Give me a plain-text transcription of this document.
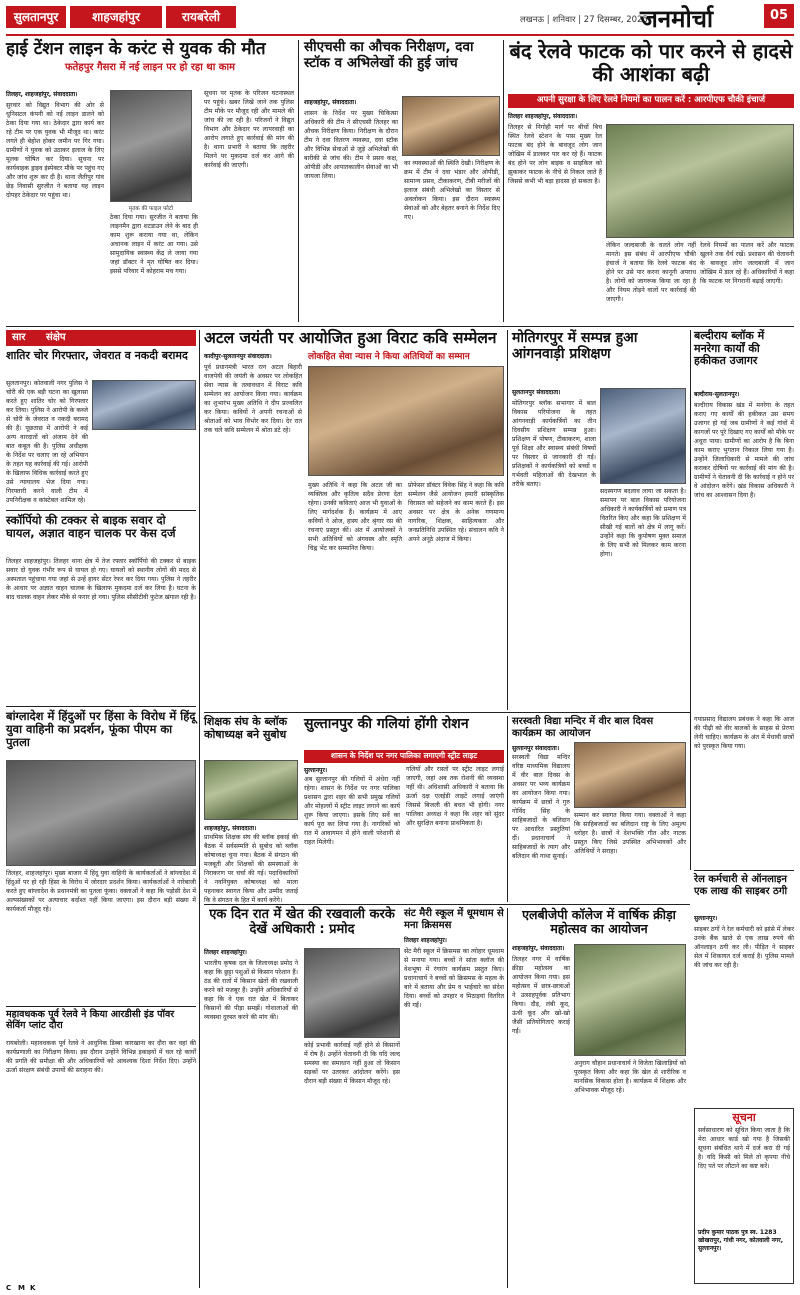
सुलतानपुर	शाहजहांपुर	रायबरेली	लखनऊ | शनिवार | 27 दिसम्बर, 2025
जनमोर्चा	05
हाई टेंशन लाइन के करंट से युवक की मौत
फतेहपुर गैसरा में नई लाइन पर हो रहा था काम
तिलहर, शाहजहांपुर, संवाददाता।
सुरवार को विद्युत विभाग की ओर से धुनिसटल कंपनी को नई लाइन डालने को ठेका दिया गया था। ठेकेदार द्वारा कार्य कर रहे टीम पर एक युवक भी मौजूद था। करंट लगते ही बेहोश होकर जमीन पर गिर गया। ग्रामीणों ने युवक को उठाकर इलाज के लिए मूलक घोषित कर दिया। सूचना पर कार्यवाहक ड्राइव इंस्पेक्टर मौके पर पहुंच गए और जांच शुरू कर दी है। थाना जैतीपुर गांव छेड़ निवासी सुरजीत ने बताया यह लाइन दोपहर ठेकेदार पर पहुंचा था।
मृतक की फाइल फोटो
ठेका दिया गया। सुरजीत ने बताया कि लाइनमैन द्वारा शटडाउन लेने के बाद ही काम शुरू कराया गया था, लेकिन अचानक लाइन में करंट आ गया। उसे सामुदायिक स्वास्थ्य केंद्र ले जाया गया जहां डॉक्टर ने मृत घोषित कर दिया। इससे परिवार में कोहराम मच गया।
सूचना पर मृतक के परिजन घटनास्थल पर पहुंचे। खबर लिखे जाने तक पुलिस टीम मौके पर मौजूद रही और मामले की जांच की जा रही है। परिजनों ने विद्युत विभाग और ठेकेदार पर लापरवाही का आरोप लगाते हुए कार्रवाई की मांग की है। थाना प्रभारी ने बताया कि तहरीर मिलने पर मुकदमा दर्ज कर आगे की कार्रवाई की जाएगी।
सीएचसी का औचक निरीक्षण, दवा स्टॉक व अभिलेखों की हुई जांच
शाहजहांपुर, संवाददाता।
शासन के निर्देश पर मुख्य चिकित्सा अधिकारी की टीम ने सीएचसी तिलहर का औचक निरीक्षण किया। निरीक्षण के दौरान टीम ने दवा वितरण व्यवस्था, दवा स्टॉक और विभिन्न सेवाओं से जुड़े अभिलेखों की बारीकी से जांच की। टीम ने प्रसव कक्ष, ओपीडी और आपातकालीन सेवाओं का भी जायजा लिया।
का व्यवस्थाओं की स्थिति देखी। निरीक्षण के क्रम में टीम ने दवा भंडार और ओपीडी, सामान्य प्रसव, टीकाकरण, टीबी मरीजों की इलाज संबंधी अभिलेखों का विस्तार से अवलोकन किया। इस दौरान स्वास्थ्य सेवाओं को और बेहतर बनाने के निर्देश दिए गए।
बंद रेलवे फाटक को पार करने से हादसे की आशंका बढ़ी
अपनी सुरक्षा के लिए रेलवे नियमों का पालन करें : आरपीएफ चौकी इंचार्ज
तिलहर शाहजहांपुर, संवाददाता।
तिलहर से निगोही मार्ग पर बीचों बिच स्थित रेलवे स्टेशन के पास मुख्य रेल फाटक बंद होने के बावजूद लोग जान जोखिम में डालकर पार कर रहे हैं। फाटक बंद होने पर लोग बाइक व साइकिल को झुकाकर फाटक के नीचे से निकल जाते हैं जिससे कभी भी बड़ा हादसा हो सकता है।
लेकिन जल्दबाजी के चलते लोग नहीं मानते। इस संबंध में आरपीएफ चौकी इंचार्ज ने बताया कि रेलवे फाटक बंद होने पर उसे पार करना कानूनी अपराध है। लोगों को जागरूक किया जा रहा है और नियम तोड़ने वालों पर कार्रवाई की जाएगी।
रेलवे नियमों का पालन करें और फाटक खुलने तक धैर्य रखें। प्रशासन की चेतावनी के बावजूद लोग जल्दबाजी में जान जोखिम में डाल रहे हैं। अधिकारियों ने कहा कि फाटक पर निगरानी बढ़ाई जाएगी।
सार संक्षेप
शातिर चोर गिरफ्तार, जेवरात व नकदी बरामद
सुलतानपुर। कोतवाली नगर पुलिस ने चोरी की एक बड़ी घटना का खुलासा करते हुए शातिर चोर को गिरफ्तार कर लिया। पुलिस ने आरोपी के कब्जे से चोरी के जेवरात व नकदी बरामद की है। पूछताछ में आरोपी ने कई अन्य वारदातों को अंजाम देने की बात कबूल की है। पुलिस अधीक्षक के निर्देश पर चलाए जा रहे अभियान के तहत यह कार्रवाई की गई। आरोपी के खिलाफ विधिक कार्रवाई करते हुए उसे न्यायालय भेज दिया गया। गिरफ्तारी करने वाली टीम में उपनिरीक्षक व कांस्टेबल शामिल रहे।
स्कॉर्पियो की टक्कर से बाइक सवार दो घायल, अज्ञात वाहन चालक पर केस दर्ज
तिलहर शाहजहांपुर। तिलहर थाना क्षेत्र में तेज रफ्तार स्कॉर्पियो की टक्कर से बाइक सवार दो युवक गंभीर रूप से घायल हो गए। घायलों को स्थानीय लोगों की मदद से अस्पताल पहुंचाया गया जहां से उन्हें हायर सेंटर रेफर कर दिया गया। पुलिस ने तहरीर के आधार पर अज्ञात वाहन चालक के खिलाफ मुकदमा दर्ज कर लिया है। घटना के बाद चालक वाहन लेकर मौके से फरार हो गया। पुलिस सीसीटीवी फुटेज खंगाल रही है।
बांग्लादेश में हिंदुओं पर हिंसा के विरोध में हिंदू युवा वाहिनी का प्रदर्शन, फूंका पीएम का पुतला
तिलहर, शाहजहांपुर। मुख्य बाजार में हिंदू युवा वाहिनी के कार्यकर्ताओं ने बांग्लादेश में हिंदुओं पर हो रही हिंसा के विरोध में जोरदार प्रदर्शन किया। कार्यकर्ताओं ने नारेबाजी करते हुए बांग्लादेश के प्रधानमंत्री का पुतला फूंका। वक्ताओं ने कहा कि पड़ोसी देश में अल्पसंख्यकों पर अत्याचार बर्दाश्त नहीं किया जाएगा। इस दौरान बड़ी संख्या में कार्यकर्ता मौजूद रहे।
महावधकक पूर्व रेलवे ने किया आरडीसी इंड पॉवर सेविंग प्लांट दौरा
रायबरेली। महावधकक पूर्व रेलवे ने आधुनिक डिब्बा कारखाना का दौरा कर वहां की कार्यप्रणाली का निरीक्षण किया। इस दौरान उन्होंने विभिन्न इकाइयों में चल रहे कार्यों की प्रगति की समीक्षा की और अधिकारियों को आवश्यक दिशा निर्देश दिए। उन्होंने ऊर्जा संरक्षण संबंधी उपायों की सराहना की।
अटल जयंती पर आयोजित हुआ विराट कवि सम्मेलन
कादीपुर-सुलतानपुर संवाददाता।	लोकहित सेवा न्यास ने किया अतिथियों का सम्मान
पूर्व प्रधानमंत्री भारत रत्न अटल बिहारी वाजपेयी की जयंती के अवसर पर लोकहित सेवा न्यास के तत्वावधान में विराट कवि सम्मेलन का आयोजन किया गया। कार्यक्रम का शुभारंभ मुख्य अतिथि ने दीप प्रज्वलित कर किया। कवियों ने अपनी रचनाओं से श्रोताओं को भाव विभोर कर दिया। देर रात तक चले कवि सम्मेलन में श्रोता डटे रहे।
मुख्य अतिथि ने कहा कि अटल जी का व्यक्तित्व और कृतित्व सदैव प्रेरणा देता रहेगा। उनकी कविताएं आज भी युवाओं के लिए मार्गदर्शक हैं। कार्यक्रम में आए कवियों ने ओज, हास्य और श्रृंगार रस की रचनाएं प्रस्तुत कीं। अंत में आयोजकों ने सभी अतिथियों को अंगवस्त्र और स्मृति चिह्न भेंट कर सम्मानित किया।
प्रोफेसर डॉक्टर विवेक सिंह ने कहा कि कवि सम्मेलन जैसे आयोजन हमारी सांस्कृतिक विरासत को सहेजने का काम करते हैं। इस अवसर पर क्षेत्र के अनेक गणमान्य नागरिक, शिक्षक, साहित्यकार और जनप्रतिनिधि उपस्थित रहे। संचालन कवि ने अपने अनूठे अंदाज में किया।
मोतिगरपुर में सम्पन्न हुआ आंगनवाड़ी प्रशिक्षण
सुलतानपुर संवाददाता।
मोतिगरपुर ब्लॉक सभागार में बाल विकास परियोजना के तहत आंगनवाड़ी कार्यकर्त्रियों का तीन दिवसीय प्रशिक्षण सम्पन्न हुआ। प्रशिक्षण में पोषण, टीकाकरण, शाला पूर्व शिक्षा और स्वास्थ्य संबंधी विषयों पर विस्तार से जानकारी दी गई। प्रशिक्षकों ने कार्यकत्रियों को बच्चों व गर्भवती महिलाओं की देखभाल के तरीके बताए।
सदस्यगण बदलाव लाया जा सकता है। समापन पर बाल विकास परियोजना अधिकारी ने कार्यकर्त्रियों को प्रमाण पत्र वितरित किए और कहा कि प्रशिक्षण में सीखी गई बातों को क्षेत्र में लागू करें। उन्होंने कहा कि कुपोषण मुक्त समाज के लिए सभी को मिलकर काम करना होगा।
बल्दीराय ब्लॉक में मनरेगा कार्यों की हकीकत उजागर
बल्दीराय-सुलतानपुर।
बल्दीराय विकास खंड में मनरेगा के तहत कराए गए कार्यों की हकीकत उस समय उजागर हो गई जब ग्रामीणों ने कई गांवों में कागजों पर पूरे दिखाए गए कार्यों को मौके पर अधूरा पाया। ग्रामीणों का आरोप है कि बिना काम कराए भुगतान निकाल लिया गया है। उन्होंने जिलाधिकारी से मामले की जांच कराकर दोषियों पर कार्रवाई की मांग की है। ग्रामीणों ने चेतावनी दी कि कार्रवाई न होने पर वे आंदोलन करेंगे। खंड विकास अधिकारी ने जांच का आश्वासन दिया है।
शिक्षक संघ के ब्लॉक कोषाध्यक्ष बने सुबोध
शाहजहांपुर, संवाददाता।
प्राथमिक शिक्षक संघ की ब्लॉक इकाई की बैठक में सर्वसम्मति से सुबोध को ब्लॉक कोषाध्यक्ष चुना गया। बैठक में संगठन की मजबूती और शिक्षकों की समस्याओं के निराकरण पर चर्चा की गई। पदाधिकारियों ने नवनियुक्त कोषाध्यक्ष को माला पहनाकर स्वागत किया और उम्मीद जताई कि वे संगठन के हित में कार्य करेंगे।
सुल्तानपुर की गलियां होंगी रोशन
शासन के निर्देश पर नगर पालिका लगाएगी स्ट्रीट लाइट
सुल्तानपुर।
अब सुल्तानपुर की गलियों में अंधेरा नहीं रहेगा। शासन के निर्देश पर नगर पालिका प्रशासन द्वारा शहर की सभी प्रमुख गलियों और मोहल्लों में स्ट्रीट लाइट लगाने का कार्य शुरू किया जाएगा। इसके लिए सर्वे का कार्य पूरा कर लिया गया है। नागरिकों को रात में आवागमन में होने वाली परेशानी से राहत मिलेगी।
गलियों और रास्तों पर स्ट्रीट लाइट लगाई जाएगी, जहां अब तक रोशनी की व्यवस्था नहीं थी। अधिशासी अधिकारी ने बताया कि ऊर्जा दक्ष एलईडी लाइटें लगाई जाएंगी जिससे बिजली की बचत भी होगी। नगर पालिका अध्यक्ष ने कहा कि शहर को सुंदर और सुरक्षित बनाना प्राथमिकता है।
सरस्वती विद्या मन्दिर में वीर बाल दिवस कार्यक्रम का आयोजन
सुल्तानपुर संवाददाता।
सरस्वती विद्या मन्दिर वरिष्ठ माध्यमिक विद्यालय में वीर बाल दिवस के अवसर पर भव्य कार्यक्रम का आयोजन किया गया। कार्यक्रम में छात्रों ने गुरु गोविंद सिंह के साहिबजादों के बलिदान पर आधारित प्रस्तुतियां दीं। प्रधानाचार्य ने साहिबजादों के त्याग और बलिदान की गाथा सुनाई।
सम्मान कर स्वागत किया गया। वक्ताओं ने कहा कि साहिबजादों का बलिदान राष्ट्र के लिए अमूल्य धरोहर है। छात्रों ने देशभक्ति गीत और नाटक प्रस्तुत किए जिसे उपस्थित अभिभावकों और अतिथियों ने सराहा।
गयाप्रसाद विद्यालय प्रबंधक ने कहा कि आज की पीढ़ी को वीर बालकों के साहस से प्रेरणा लेनी चाहिए। कार्यक्रम के अंत में मेधावी छात्रों को पुरस्कृत किया गया।
एक दिन रात में खेत की रखवाली करके देखें अधिकारी : प्रमोद
तिलहर शाहजहांपुर।
भारतीय कृषक दल के जिलाध्यक्ष प्रमोद ने कहा कि छुट्टा पशुओं से किसान परेशान हैं। ठंड की रातों में किसान खेतों की रखवाली करने को मजबूर हैं। उन्होंने अधिकारियों से कहा कि वे एक रात खेत में बिताकर किसानों की पीड़ा समझें। गोशालाओं की व्यवस्था दुरुस्त करने की मांग की।
कोई प्रभावी कार्रवाई नहीं होने से किसानों में रोष है। उन्होंने चेतावनी दी कि यदि जल्द समस्या का समाधान नहीं हुआ तो किसान सड़कों पर उतरकर आंदोलन करेंगे। इस दौरान बड़ी संख्या में किसान मौजूद रहे।
संट मैरी स्कूल में धूमधाम से मना क्रिसमस
तिलहर शाहजहांपुर।
सेंट मैरी स्कूल में क्रिसमस का त्योहार धूमधाम से मनाया गया। बच्चों ने सांता क्लॉज की वेशभूषा में रंगारंग कार्यक्रम प्रस्तुत किए। प्रधानाचार्य ने बच्चों को क्रिसमस के महत्व के बारे में बताया और प्रेम व भाईचारे का संदेश दिया। बच्चों को उपहार व मिठाइयां वितरित की गईं।
एलबीजेपी कॉलेज में वार्षिक क्रीड़ा महोत्सव का आयोजन
शाहजहांपुर, संवाददाता।
तिलहर नगर में वार्षिक क्रीड़ा महोत्सव का आयोजन किया गया। इस महोत्सव में छात्र-छात्राओं ने उत्साहपूर्वक प्रतिभाग किया। दौड़, लंबी कूद, ऊंची कूद और खो-खो जैसी प्रतियोगिताएं कराई गईं।
अनुराग चौहान प्रधानाचार्य ने विजेता खिलाड़ियों को पुरस्कृत किया और कहा कि खेल से शारीरिक व मानसिक विकास होता है। कार्यक्रम में शिक्षक और अभिभावक मौजूद रहे।
रेल कर्मचारी से ऑनलाइन एक लाख की साइबर ठगी
सुल्तानपुर।
साइबर ठगों ने रेल कर्मचारी को झांसे में लेकर उनके बैंक खाते से एक लाख रुपये की ऑनलाइन ठगी कर ली। पीड़ित ने साइबर सेल में शिकायत दर्ज कराई है। पुलिस मामले की जांच कर रही है।
सूचना
सर्वसाधारण को सूचित किया जाता है कि मेरा आधार कार्ड खो गया है जिसकी सूचना संबंधित थाने में दर्ज करा दी गई है। यदि किसी को मिले तो कृपया नीचे दिए पते पर लौटाने का कष्ट करें।
प्रदीप कुमार पाठक पुत्र स्व. 1283 खोखरापुर, गांधी नगर, कोतवाली नगर, सुल्तानपुर।
C M K
